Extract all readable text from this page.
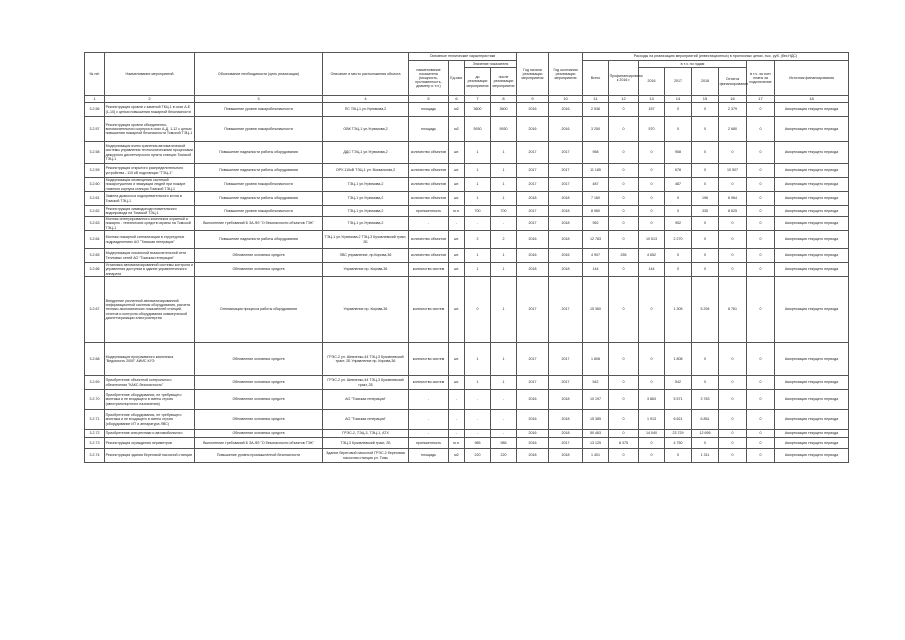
№ п/п	Наименование мероприятий	Обоснование необходимости (цель реализации)	Описание и место расположения объекта	Основные технические характеристики				Год начала реализации мероприятия	Год окончания реализации мероприятия	Расходы на реализацию мероприятий (инвестиционных) в прогнозных ценах, тыс. руб. (без НДС)							
				наименование показателя (мощность, протяженность, диаметр и т.п.)	Ед.изм.	Значение показателя				Всего	Профинансировано к 2016 г.	в т.ч. по годам				в т.ч. за счет платы за подключение	Источник финансирования
						до реализации мероприятия	после реализации мероприятия					2016	2017	2018	Остаток финансирования		

1	2	3	4	5	6	7	8	9	10	11	12	13	14	15	16	17	18
3.2.56	Реконструкция кровли с заменой ТКЦ-1 в осях А-Е (1-10) с целью повышения пожарной безопасности	Повышение уровня пожаробезопасности	ПС ТКЦ-1 ул.Угрюмова,2	площадь	м2	3600	3600	2016	2016	2 536	0	157	0	0	2 379	0	Амортизация текущего периода
3.2.57	Реконструкция кровли объединенно-вспомогательного корпуса в осях А-Д, 1-12 с целью повышения пожарной безопасности Томской ТЭЦ-1	Повышение уровня пожаробезопасности	ОВК ТЭЦ-1 ул.Угрюмова,2	площадь	м2	5930	5930	2016	2016	3 250	0	570	0	0	2 680	0	Амортизация текущего периода
3.2.58	Модернизация ячеек хранения автоматической системы управления технологическими процессами дежурного диспетчерского пункта станции Томской ТЭЦ-1	Повышение надежности работы оборудования	ДДС ТЭЦ-1 ул.Угрюмова,2	количество объектов	шт.	1	1	2017	2017	958	0	0	958	0	0	0	Амортизация текущего периода
3.2.59	Реконструкция открытого распределительного устройства - 110 кВ подстанции "ТЭЦ-1"	Повышение надежности работы оборудования	ОРУ-110кВ ТЭЦ-1 ул. Вокзальная,2	количество объектов	шт.	1	1	2017	2017	11 185	0	0	678	0	10 507	0	Амортизация текущего периода
3.2.60	Модернизация оповещения системой пожаротушения и эвакуации людей при пожаре главного корпуса станции Томской ТЭЦ-1	Повышение уровня пожаробезопасности	ТЭЦ-1 ул.Угрюмова,2	количество объектов	шт.	1	1	2017	2017	487	0	0	487	0	0	0	Амортизация текущего периода
3.2.61	Замена дымососа подогревательного котла в Томской ТЭЦ-1	Повышение надежности работы оборудования	ТЭЦ-1 ул.Угрюмова,2	количество объектов	шт.	1	1	2018	2018	7 160	0	0	0	196	6 964	0	Амортизация текущего периода
3.2.62	Реконструкция химводоподготовительного водопровода на Томской ТЭЦ-1	Повышение уровня пожаробезопасности	ТЭЦ-1 ул.Угрюмова,2	протяженность	м.п.	700	700	2017	2018	8 960	0	0	0	335	8 625	0	Амортизация текущего периода
3.2.63	Монтаж интегрированного комплекса охранной и пожарно - технических средств охраны на Томской ТЭЦ-1	Выполнение требований Б ЗА-ФЗ "О безопасности объектов ТЭК"	ТЭЦ-1 ул.Угрюмова,2	-	-	-	-	2017	2018	952	0	0	952	0	0	0	Амортизация текущего периода
3.2.64	Монтаж пожарной сигнализации в структурных подразделениях АО "Томская генерация"	Повышение надежности работы оборудования	ТЭЦ-1 ул.Угрюмова,2 ТЭЦ-3 Кузовлевский тракт, 2Б	количество объектов	шт.	2	2	2016	2018	12 783	0	10 513	2 270	0	0	0	Амортизация текущего периода
3.2.65	Модернизация локальной вычислительной сети Тепловых сетей АО "Томская генерация"	Обновление основных средств	ЛВС управление, пр.Кирова,36	количество объектов	шт.	1	1	2016	2016	4 907	255	4 652	0	0	0	0	Амортизация текущего периода
3.2.66	Установка автоматизированной системы контроля и управления доступом в здание управленческого аппарата	Обновление основных средств	Управление пр. Кирова,36	количество систем	шт.	1	1	2018	2018	144	0	144	0	0	0	0	Амортизация текущего периода
3.2.67	Внедрение усиленной автоматизированной информационной системы оборудования, расчета технико-экономических показателей станций, отчетов и контроля оборудования коммерческой диспетчеризации электроэнергии	Оптимизация процесса работы оборудования	Управление пр. Кирова,36	количество систем	шт.	0	1	2017	2017	15 360	0	0	1 305	5 294	8 761	0	Амортизация текущего периода
3.2.68	Модернизация программного комплекса "Ведомость 2000" АИИС КУЭ	Обновление основных средств	ГРЭС-2 ул. Шевченко,44 ТЭЦ-3 Кузовлевский тракт, 2Б Управление пр. Кирова,36	количество систем	шт.	1	1	2017	2017	1 808	0	0	1 808	0	0	0	Амортизация текущего периода
3.2.69	Приобретение объектной контрольного обеспечения "КАКС безопасность"	Обновление основных средств	ГРЭС-2 ул. Шевченко,44 ТЭЦ-3 Кузовлевский тракт, 2Б	количество систем	шт.	1	1	2017	2017	542	0	0	542	0	0	0	Амортизация текущего периода
3.2.70	Приобретение оборудования, не требующего монтажа и не входящего в сметы строек (автотранспортного назначения)	Обновление основных средств	АО "Томская генерация"	-	-	-	-	2016	2018	10 197	0	3 863	5 571	3 763	0	0	Амортизация текущего периода
3.2.71	Приобретение оборудования, не требующего монтажа и не входящего в сметы строек (оборудование ИТ и аппаратура ЛВС)	Обновление основных средств	АО "Томская генерация"	-	-	-	-	2016	2018	15 385	0	1 913	6 621	6 851	0	0	Амортизация текущего периода
3.2.72	Приобретение спецтехники и автомобильного	Обновление основных средств	ГРЭС-2, ТЭЦ-3, ТЭЦ-1, АТХ	-	-	-	-	2016	2018	50 463	0	14 040	23 729	12 695	0	0	Амортизация текущего периода
3.2.73	Реконструкция ограждения периметров	Выполнение требований Б ЗА-ФЗ "О безопасности объектов ТЭК"	ТЭЦ-3 Кузовлевский тракт, 2Б	протяженность	м.п.	985	985	2016	2017	13 125	8 375	0	4 750	0	0	0	Амортизация текущего периода
3.2.74	Реконструкция здания береговой насосной станции	Повышение уровня промышленной безопасности	Здание береговой насосной ГРЭС-2 береговая насосная станция ул. Томь	площадь	м2	220	220	2018	2018	1 401	0	0	0	1 311	0	0	Амортизация текущего периода
